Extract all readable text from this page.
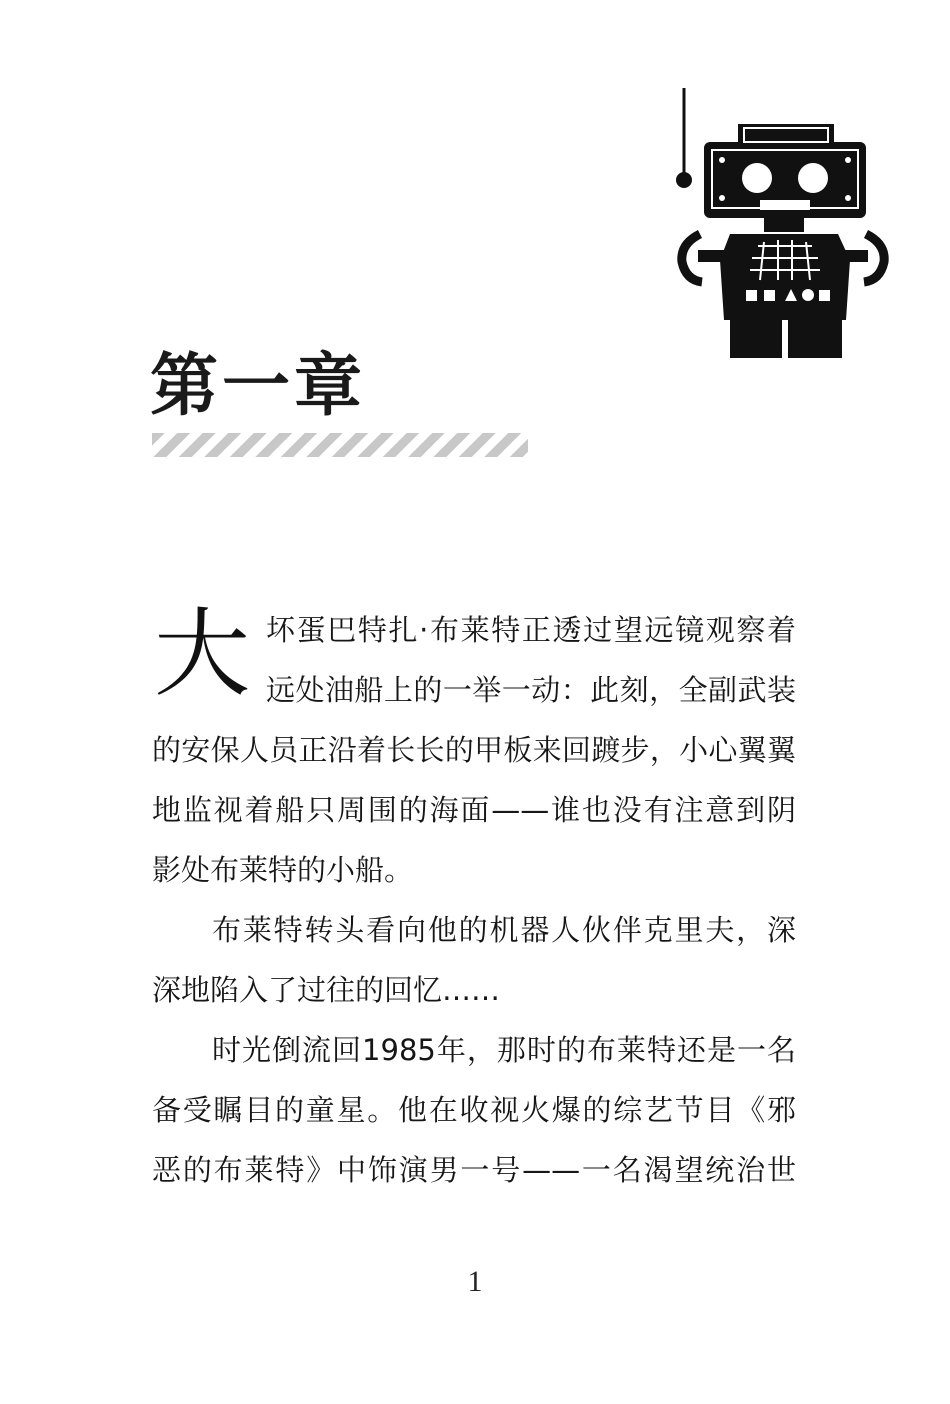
第一章
大 坏蛋巴特扎·布莱特正透过望远镜观察着

远处油船上的一举一动：此刻，全副武装

的安保人员正沿着长长的甲板来回踱步，小心翼翼

地监视着船只周围的海面——谁也没有注意到阴

影处布莱特的小船。

布莱特转头看向他的机器人伙伴克里夫，深

深地陷入了过往的回忆……

时光倒流回1985年，那时的布莱特还是一名

备受瞩目的童星。他在收视火爆的综艺节目《邪

恶的布莱特》中饰演男一号——一名渴望统治世

1
